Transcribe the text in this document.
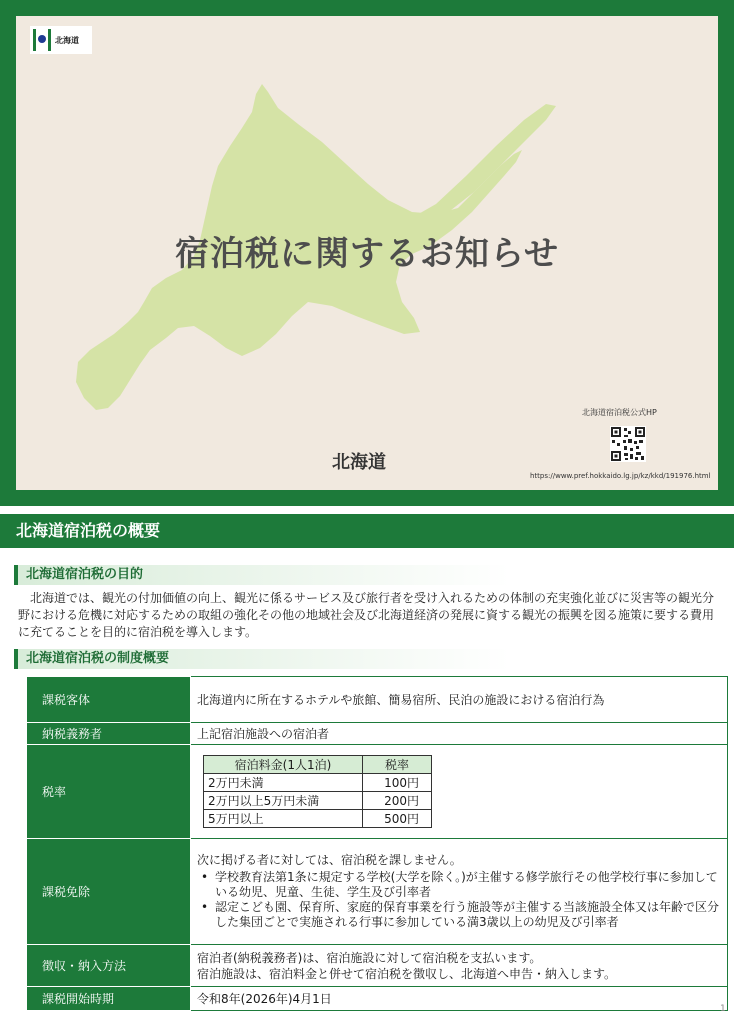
北海道
宿泊税に関するお知らせ
北海道
北海道宿泊税公式HP
https://www.pref.hokkaido.lg.jp/kz/kkd/191976.html
北海道宿泊税の概要
北海道宿泊税の目的
北海道では、観光の付加価値の向上、観光に係るサービス及び旅行者を受け入れるための体制の充実強化並びに災害等の観光分野における危機に対応するための取組の強化その他の地域社会及び北海道経済の発展に資する観光の振興を図る施策に要する費用に充てることを目的に宿泊税を導入します。
北海道宿泊税の制度概要
課税客体	北海道内に所在するホテルや旅館、簡易宿所、民泊の施設における宿泊行為
納税義務者	上記宿泊施設への宿泊者
税率	
宿泊料金(1人1泊)	税率
2万円未満	100円
2万円以上5万円未満	200円
5万円以上	500円

課税免除	
次に掲げる者に対しては、宿泊税を課しません。
• 学校教育法第1条に規定する学校(大学を除く。)が主催する修学旅行その他学校行事に参加している幼児、児童、生徒、学生及び引率者
• 認定こども園、保育所、家庭的保育事業を行う施設等が主催する当該施設全体又は年齢で区分した集団ごとで実施される行事に参加している満3歳以上の幼児及び引率者

徴収・納入方法	
宿泊者(納税義務者)は、宿泊施設に対して宿泊税を支払います。
宿泊施設は、宿泊料金と併せて宿泊税を徴収し、北海道へ申告・納入します。

課税開始時期	令和8年(2026年)4月1日
1
